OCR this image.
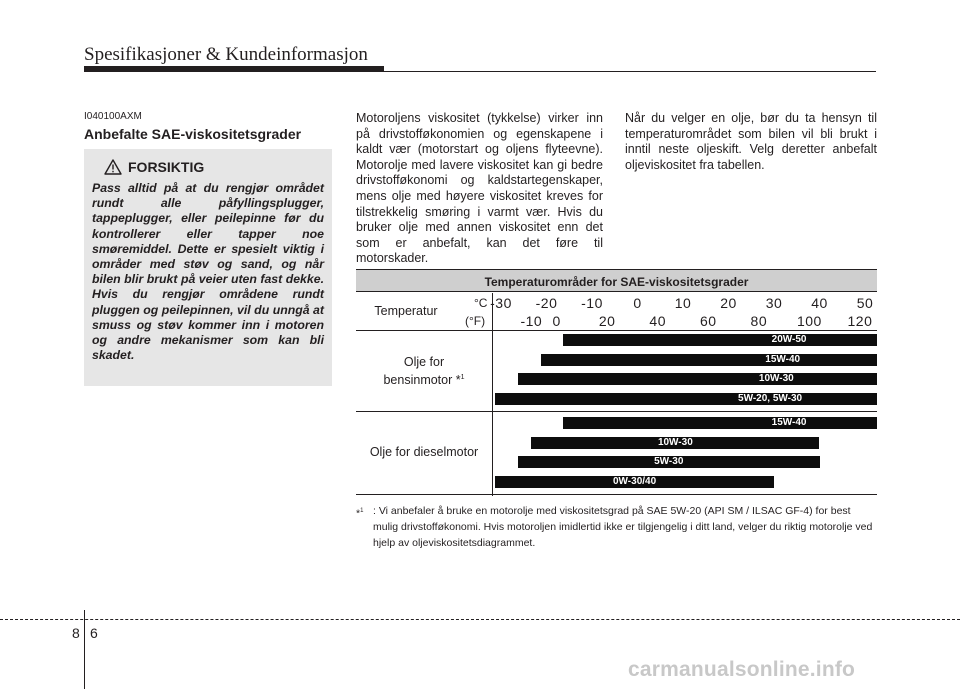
Spesifikasjoner & Kundeinformasjon
I040100AXM
Anbefalte SAE-viskositetsgrader
FORSIKTIG
Pass alltid på at du rengjør området rundt alle påfyllingsplugger, tappeplugger, eller peilepinne før du kontrollerer eller tapper noe smøremiddel. Dette er spesielt viktig i områder med støv og sand, og når bilen blir brukt på veier uten fast dekke. Hvis du rengjør områdene rundt pluggen og peilepinnen, vil du unngå at smuss og støv kommer inn i motoren og andre mekanismer som kan bli skadet.
Motoroljens viskositet (tykkelse) virker inn på drivstofføkonomien og egenskapene i kaldt vær (motorstart og oljens flyteevne). Motorolje med lavere viskositet kan gi bedre drivstofføkonomi og kaldstartegenskaper, mens olje med høyere viskositet kreves for tilstrekkelig smøring i varmt vær. Hvis du bruker olje med annen viskositet enn det som er anbefalt, kan det føre til motorskader.
Når du velger en olje, bør du ta hensyn til temperaturområdet som bilen vil bli brukt i inntil neste oljeskift. Velg deretter anbefalt oljeviskositet fra tabellen.
Temperaturområder for SAE-viskositetsgrader
Temperatur
°C
(°F)
-30 -20 -10 0 10 20 30 40 50
-10 0	20 40 60 80 100 120
Olje for
bensinmotor *$^1$
20W-50
15W-40
10W-30
5W-20, 5W-30
Olje for dieselmotor
15W-40
10W-30
5W-30
0W-30/40
*$^1$ : Vi anbefaler å bruke en motorolje med viskositetsgrad på SAE 5W-20 (API SM / ILSAC GF-4) for best mulig drivstofføkonomi. Hvis motoroljen imidlertid ikke er tilgjengelig i ditt land, velger du riktig motorolje ved hjelp av oljeviskositetsdiagrammet.
8 6
carmanualsonline.info
